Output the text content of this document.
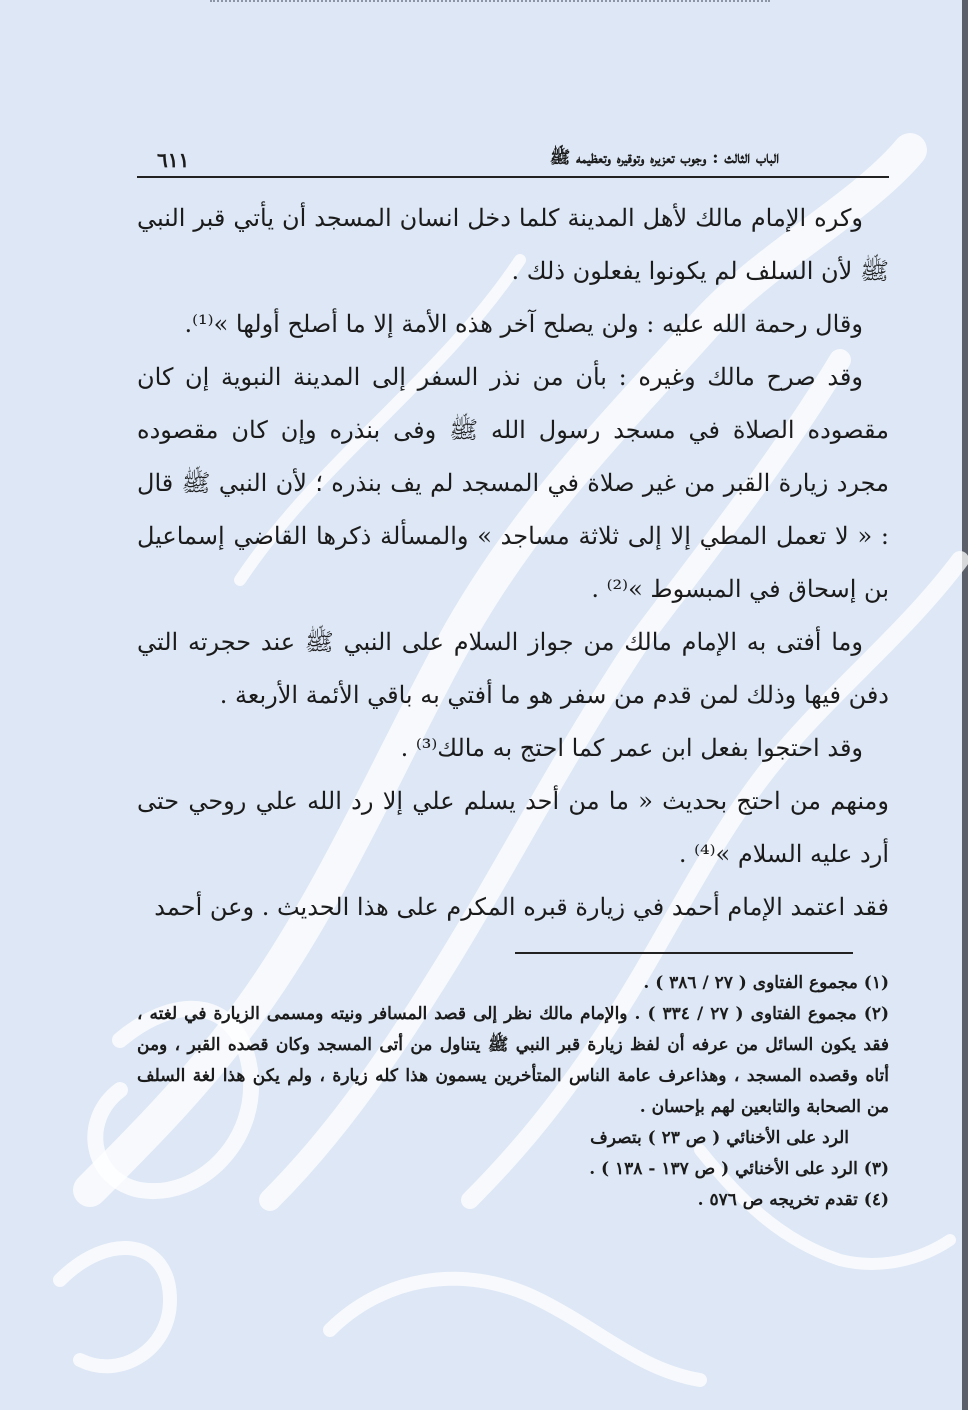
الباب الثالث : وجوب تعزيره وتوقيره وتعظيمه ﷺ
٦١١

وكره الإمام مالك لأهل المدينة كلما دخل انسان المسجد أن يأتي قبر النبي ﷺ لأن السلف لم يكونوا يفعلون ذلك .

وقال رحمة الله عليه : ولن يصلح آخر هذه الأمة إلا ما أصلح أولها »⁽¹⁾.

وقد صرح مالك وغيره : بأن من نذر السفر إلى المدينة النبوية إن كان مقصوده الصلاة في مسجد رسول الله ﷺ وفى بنذره وإن كان مقصوده مجرد زيارة القبر من غير صلاة في المسجد لم يف بنذره ؛ لأن النبي ﷺ قال : « لا تعمل المطي إلا إلى ثلاثة مساجد » والمسألة ذكرها القاضي إسماعيل بن إسحاق في المبسوط »⁽²⁾ .

وما أفتى به الإمام مالك من جواز السلام على النبي ﷺ عند حجرته التي دفن فيها وذلك لمن قدم من سفر هو ما أفتي به باقي الأئمة الأربعة .

وقد احتجوا بفعل ابن عمر كما احتج به مالك⁽³⁾ .

ومنهم من احتج بحديث « ما من أحد يسلم علي إلا رد الله علي روحي حتى أرد عليه السلام »⁽⁴⁾ .

فقد اعتمد الإمام أحمد في زيارة قبره المكرم على هذا الحديث . وعن أحمد

(١) مجموع الفتاوى ( ٢٧ / ٣٨٦ ) .

(٢) مجموع الفتاوى ( ٢٧ / ٣٣٤ ) . والإمام مالك نظر إلى قصد المسافر ونيته ومسمى الزيارة في لغته ، فقد يكون السائل من عرفه أن لفظ زيارة قبر النبي ﷺ يتناول من أتى المسجد وكان قصده القبر ، ومن أتاه وقصده المسجد ، وهذاعرف عامة الناس المتأخرين يسمون هذا كله زيارة ، ولم يكن هذا لغة السلف من الصحابة والتابعين لهم بإحسان .

الرد على الأخنائي ( ص ٢٣ ) بتصرف

(٣) الرد على الأخنائي ( ص ١٣٧ - ١٣٨ ) .

(٤) تقدم تخريجه ص ٥٧٦ .
